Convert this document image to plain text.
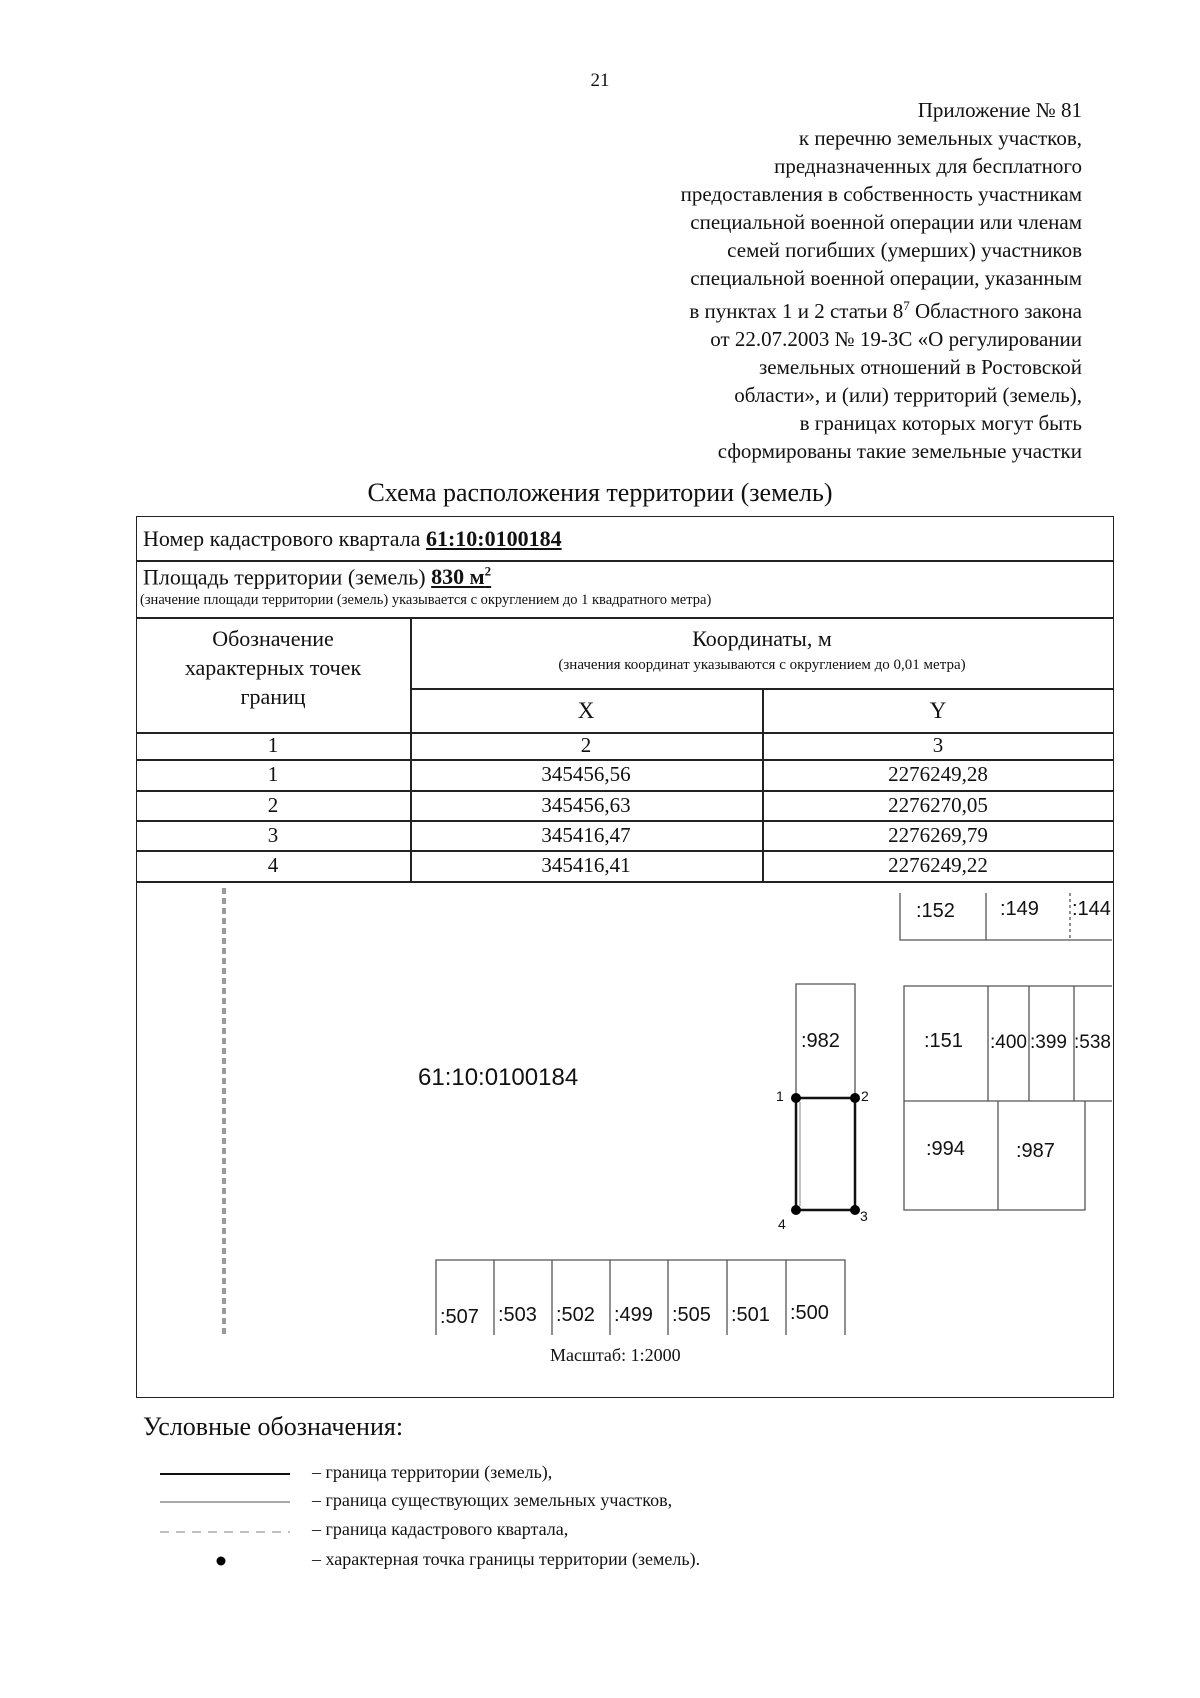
21
Приложение № 81
к перечню земельных участков,
предназначенных для бесплатного
предоставления в собственность участникам
специальной военной операции или членам
семей погибших (умерших) участников
специальной военной операции, указанным
в пунктах 1 и 2 статьи $8^7$ Областного закона
от 22.07.2003 № 19-ЗС «О регулировании
земельных отношений в Ростовской
области», и (или) территорий (земель),
в границах которых могут быть
сформированы такие земельные участки
Схема расположения территории (земель)
Номер кадастрового квартала 61:10:0100184
Площадь территории (земель) 830 $м^2$
(значение площади территории (земель) указывается с округлением до 1 квадратного метра)
Обозначение
характерных точек
границ
Координаты, м
(значения координат указываются с округлением до 0,01 метра)
X	Y
1	2	3
1	345456,56	2276249,28
2	345456,63	2276270,05
3	345416,47	2276269,79
4	345416,41	2276249,22
61:10:0100184
:152 :149 :144
:982	:151 :400 :399 :538
:994	:987
:507 :503 :502 :499 :505 :501 :500
1	2
3
4
Масштаб: 1:2000
Условные обозначения:
– граница территории (земель),
– граница существующих земельных участков,
– граница кадастрового квартала,
– характерная точка границы территории (земель).
